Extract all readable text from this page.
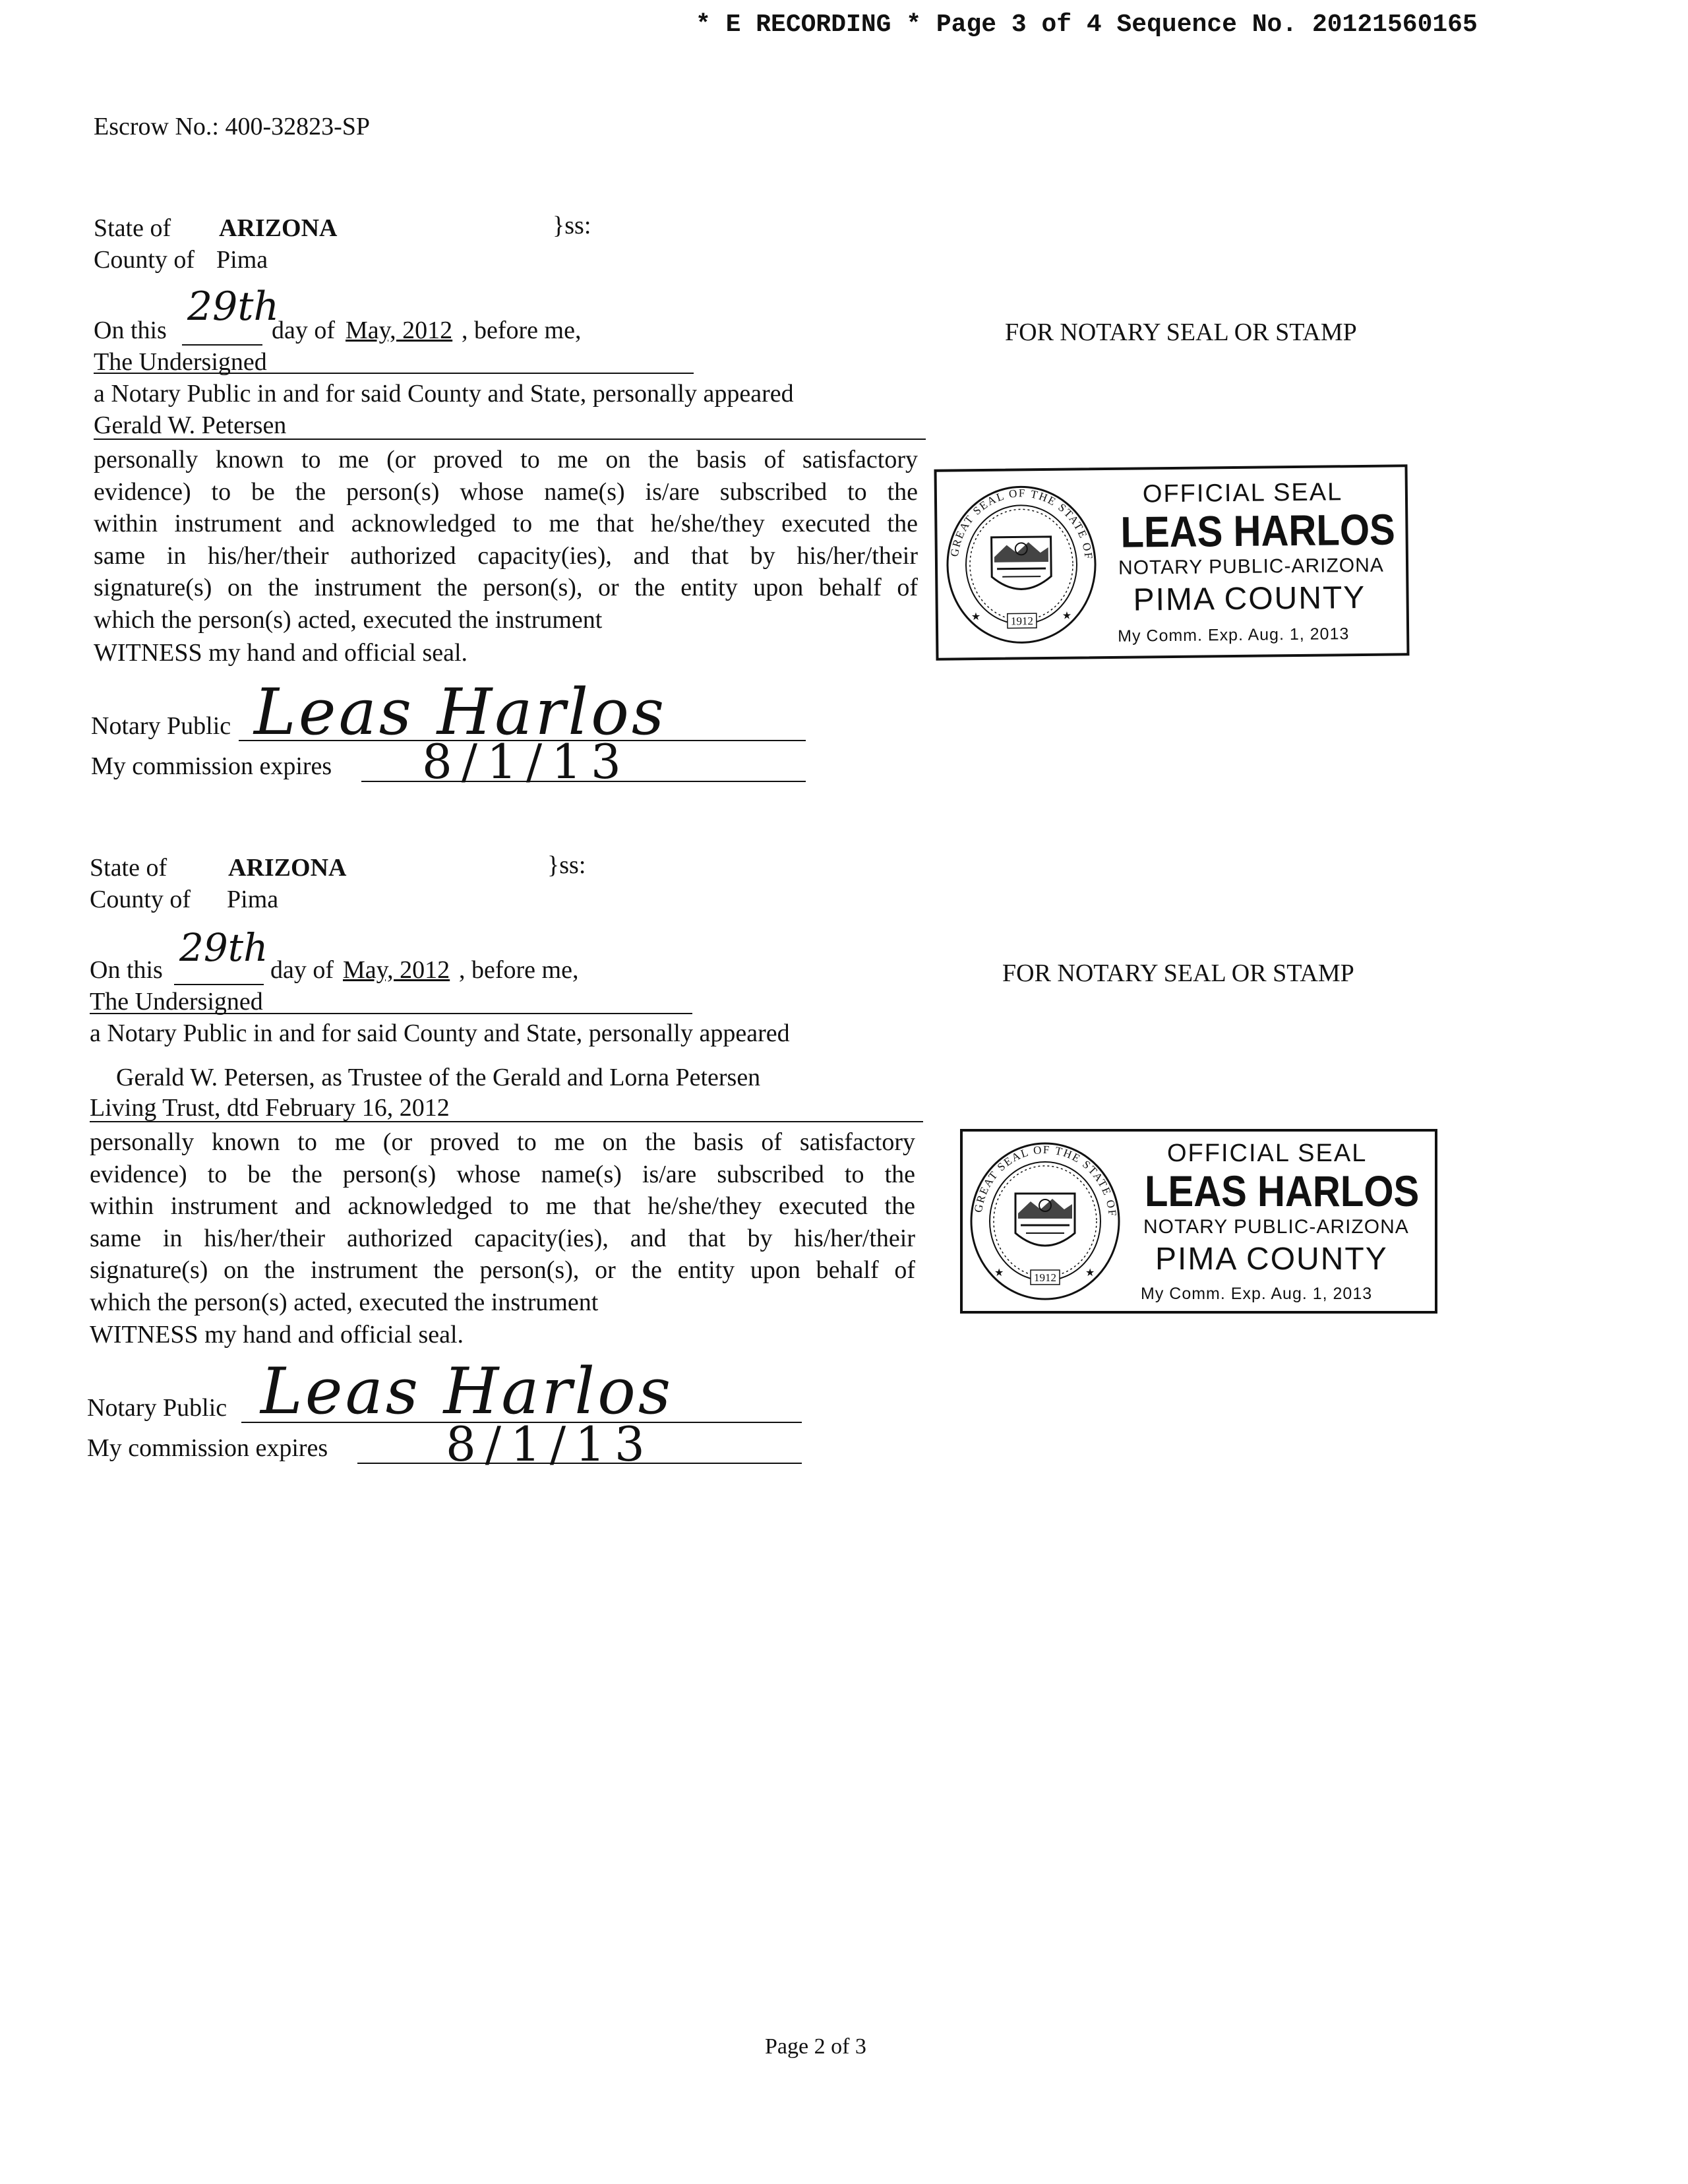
* E RECORDING * Page 3 of 4 Sequence No. 20121560165
Escrow No.: 400-32823-SP
State of ARIZONA	}ss:
County of Pima
On this
29th
day of May, 2012 , before me,
The Undersigned
a Notary Public in and for said County and State, personally appeared
Gerald W. Petersen
personally known to me (or proved to me on the basis of satisfactory
evidence) to be the person(s) whose name(s) is/are subscribed to the
within instrument and acknowledged to me that he/she/they executed the
same in his/her/their authorized capacity(ies), and that by his/her/their
signature(s) on the instrument the person(s), or the entity upon behalf of
which the person(s) acted, executed the instrument
WITNESS my hand and official seal.
Notary Public Leas Harlos
My commission expires 8/1/13
FOR NOTARY SEAL OR STAMP
1912
★	★
GREAT SEAL OF THE STATE OF
OFFICIAL SEAL
LEAS HARLOS
NOTARY PUBLIC-ARIZONA
PIMA COUNTY
My Comm. Exp. Aug. 1, 2013
State of ARIZONA	}ss:
County of Pima
On this 29th day of May, 2012 , before me,
The Undersigned
a Notary Public in and for said County and State, personally appeared
Gerald W. Petersen, as Trustee of the Gerald and Lorna Petersen
Living Trust, dtd February 16, 2012
personally known to me (or proved to me on the basis of satisfactory
evidence) to be the person(s) whose name(s) is/are subscribed to the
within instrument and acknowledged to me that he/she/they executed the
same in his/her/their authorized capacity(ies), and that by his/her/their
signature(s) on the instrument the person(s), or the entity upon behalf of
which the person(s) acted, executed the instrument
WITNESS my hand and official seal.
Notary Public Leas Harlos
My commission expires 8/1/13
FOR NOTARY SEAL OR STAMP
1912
★	★
GREAT SEAL OF THE STATE OF
OFFICIAL SEAL
LEAS HARLOS
NOTARY PUBLIC-ARIZONA
PIMA COUNTY
My Comm. Exp. Aug. 1, 2013
Page 2 of 3
